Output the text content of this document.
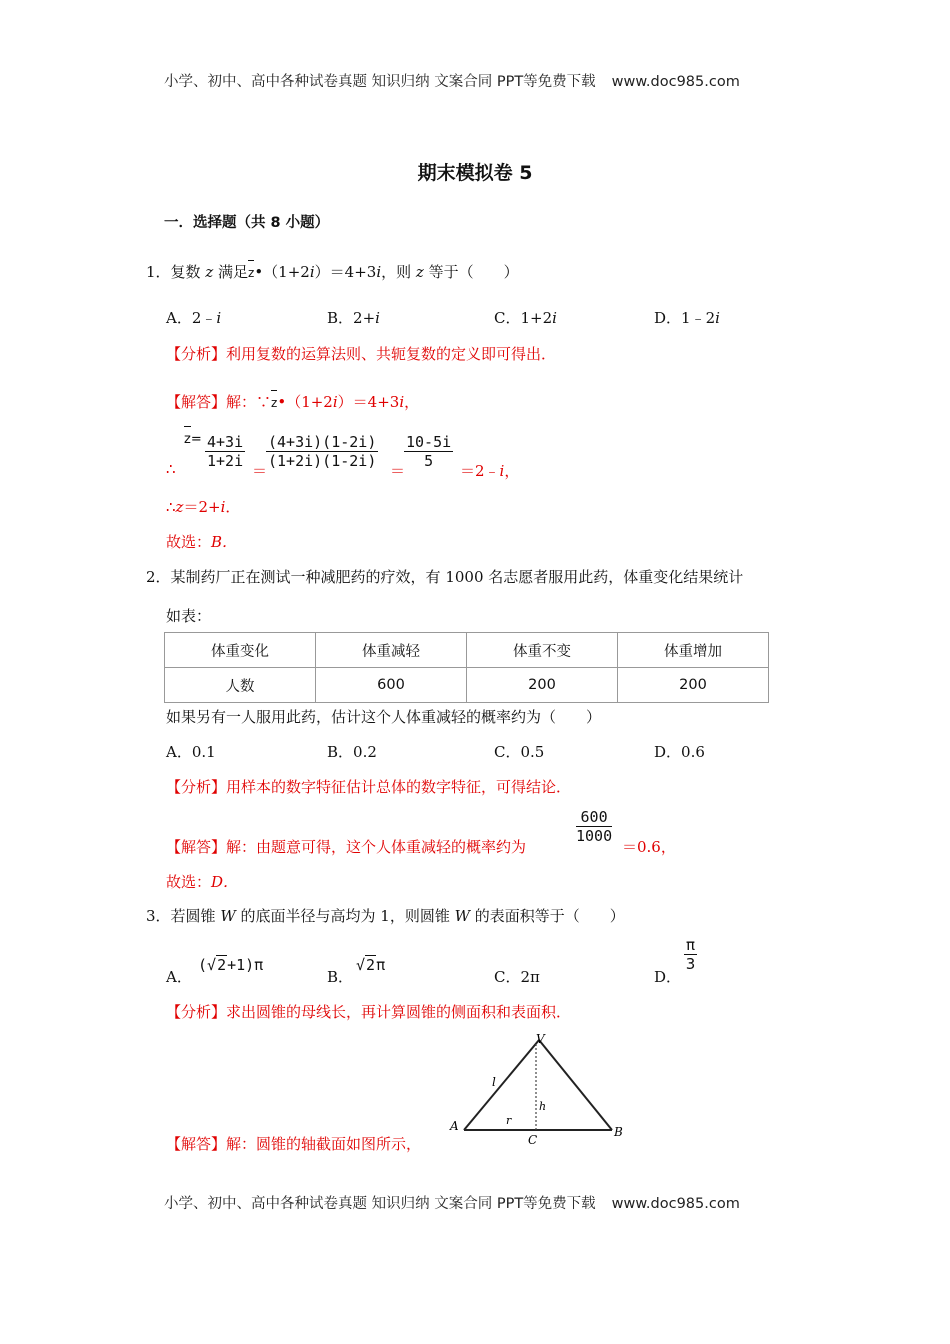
小学、初中、高中各种试卷真题 知识归纳 文案合同 PPT等免费下载 www.doc985.com
期末模拟卷 5
一．选择题（共 8 小题）
1．复数 z 满足z•（1+2i）＝4+3i，则 z 等于（　　）
A．2﹣i	B．2+i	C．1+2i	D．1﹣2i
【分析】利用复数的运算法则、共轭复数的定义即可得出．
【解答】解：∵z•（1+2i）＝4+3i，
∴
$z= \frac{4+3i}{1+2i}$
＝
$\frac{(4+3i)(1-2i)}{(1+2i)(1-2i)}$
＝
$\frac{10-5i}{5}$
＝2﹣i，
∴z＝2+i．
故选：B．
2．某制药厂正在测试一种减肥药的疗效，有 1000 名志愿者服用此药，体重变化结果统计
如表：
体重变化	体重减轻	体重不变	体重增加
人数	600	200	200
如果另有一人服用此药，估计这个人体重减轻的概率约为（　　）
A．0.1	B．0.2	C．0.5	D．0.6
【分析】用样本的数字特征估计总体的数字特征，可得结论．
【解答】解：由题意可得，这个人体重减轻的概率约为
$\frac{600}{1000}$
＝0.6，
故选：D．
3．若圆锥 W 的底面半径与高均为 1，则圆锥 W 的表面积等于（　　）
A．
(√2+1)π
B．
√2π
C．2π	D．
$\frac{\pi}{3}$
【分析】求出圆锥的母线长，再计算圆锥的侧面积和表面积．
【解答】解：圆锥的轴截面如图所示，
V
A	B
C
l
h
r
小学、初中、高中各种试卷真题 知识归纳 文案合同 PPT等免费下载 www.doc985.com
